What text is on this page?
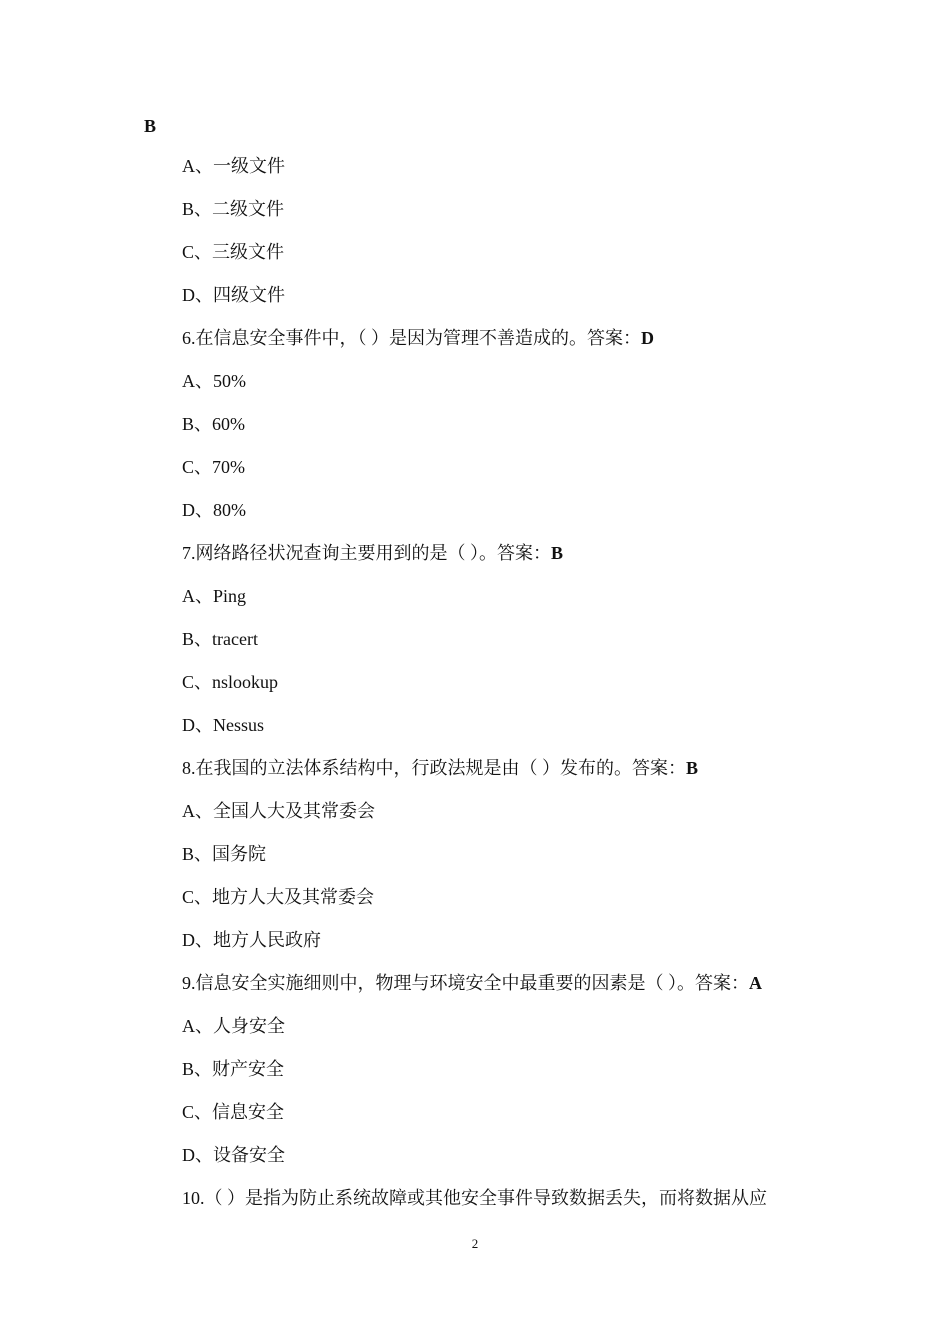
B
A、一级文件
B、二级文件
C、三级文件
D、四级文件
6.在信息安全事件中，（ ）是因为管理不善造成的。答案：D
A、50%
B、60%
C、70%
D、80%
7.网络路径状况查询主要用到的是（ ）。答案：B
A、Ping
B、tracert
C、nslookup
D、Nessus
8.在我国的立法体系结构中，行政法规是由（ ）发布的。答案：B
A、全国人大及其常委会
B、国务院
C、地方人大及其常委会
D、地方人民政府
9.信息安全实施细则中，物理与环境安全中最重要的因素是（ ）。答案：A
A、人身安全
B、财产安全
C、信息安全
D、设备安全
10.（ ）是指为防止系统故障或其他安全事件导致数据丢失，而将数据从应
2
